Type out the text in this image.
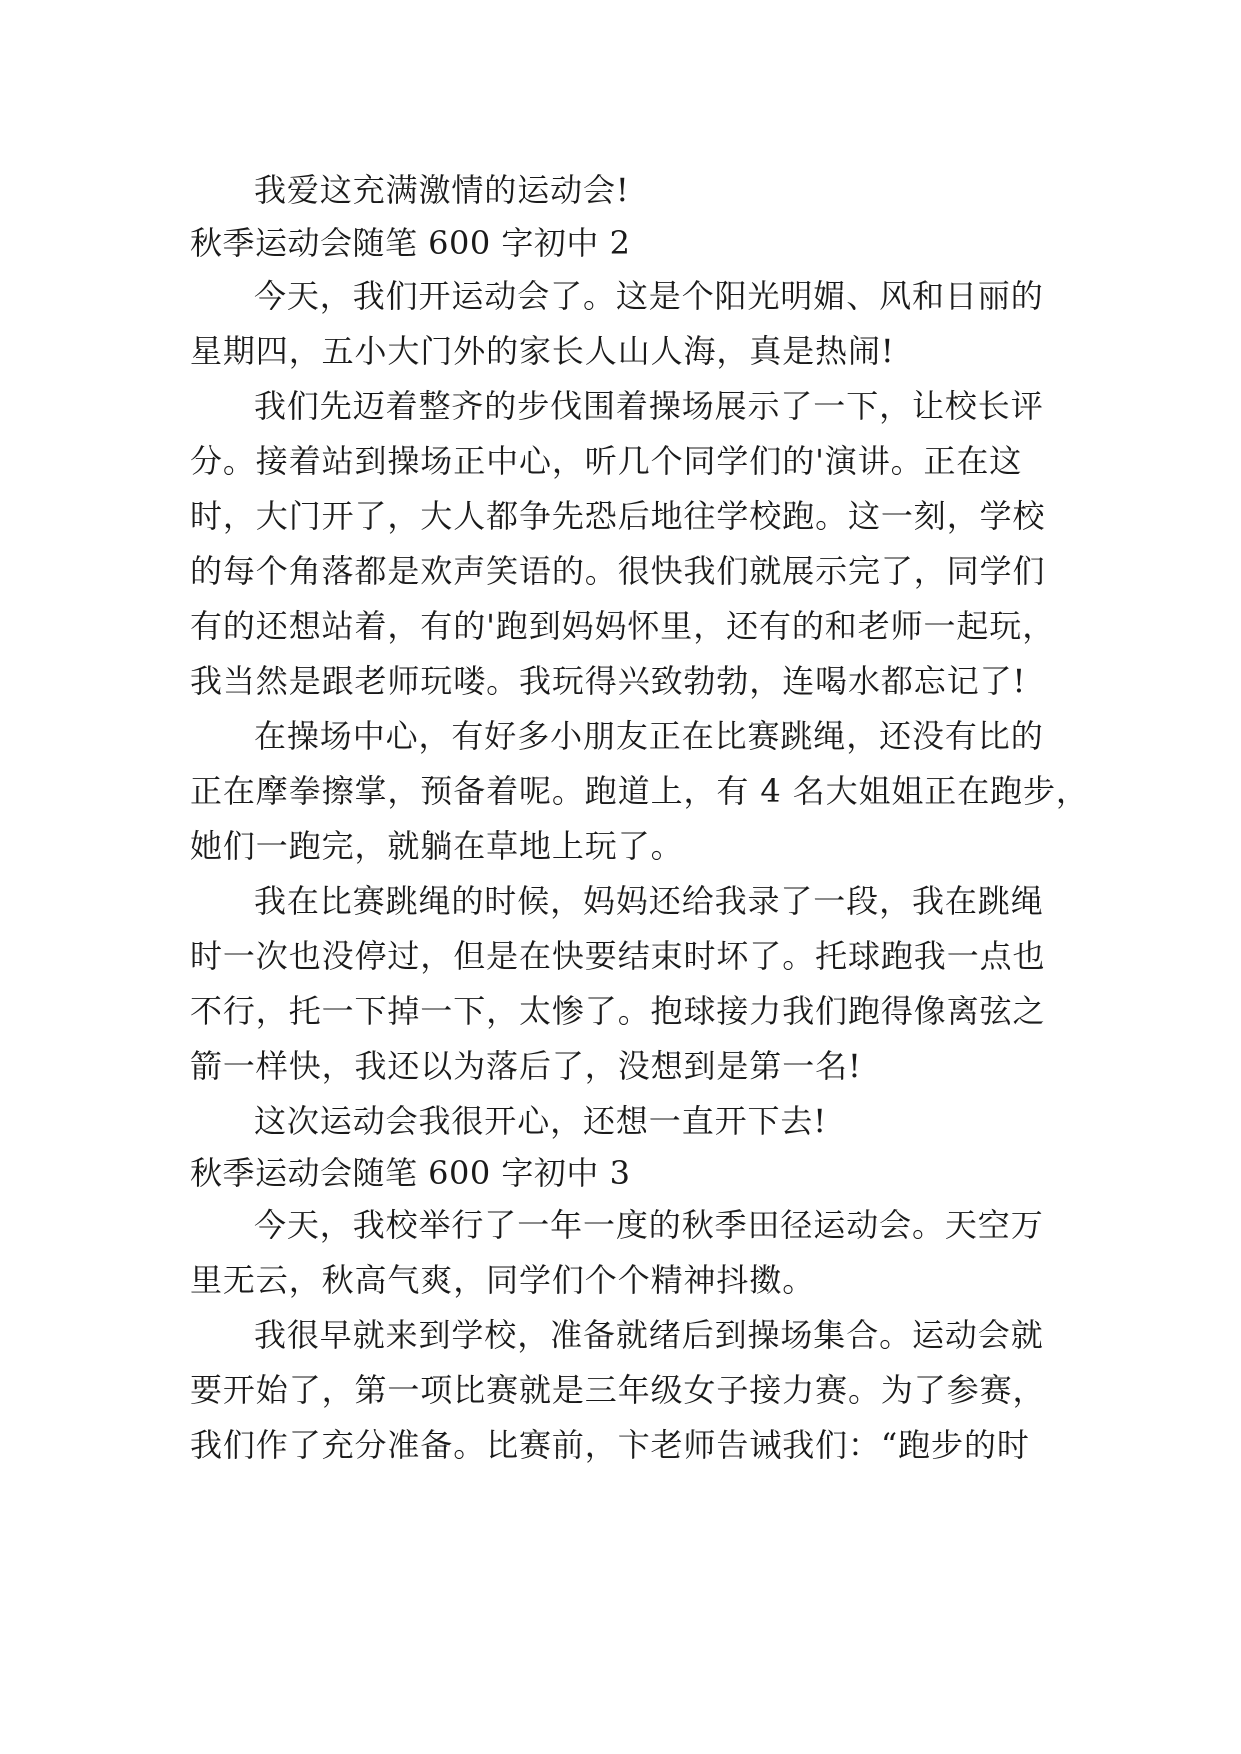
我爱这充满激情的运动会!
秋季运动会随笔 600 字初中 2
今天，我们开运动会了。这是个阳光明媚、风和日丽的
星期四，五小大门外的家长人山人海，真是热闹!
我们先迈着整齐的步伐围着操场展示了一下，让校长评
分。接着站到操场正中心，听几个同学们的'演讲。正在这
时，大门开了，大人都争先恐后地往学校跑。这一刻，学校
的每个角落都是欢声笑语的。很快我们就展示完了，同学们
有的还想站着，有的'跑到妈妈怀里，还有的和老师一起玩，
我当然是跟老师玩喽。我玩得兴致勃勃，连喝水都忘记了!
在操场中心，有好多小朋友正在比赛跳绳，还没有比的
正在摩拳擦掌，预备着呢。跑道上，有 4 名大姐姐正在跑步，
她们一跑完，就躺在草地上玩了。
我在比赛跳绳的时候，妈妈还给我录了一段，我在跳绳
时一次也没停过，但是在快要结束时坏了。托球跑我一点也
不行，托一下掉一下，太惨了。抱球接力我们跑得像离弦之
箭一样快，我还以为落后了，没想到是第一名!
这次运动会我很开心，还想一直开下去!
秋季运动会随笔 600 字初中 3
今天，我校举行了一年一度的秋季田径运动会。天空万
里无云，秋高气爽，同学们个个精神抖擞。
我很早就来到学校，准备就绪后到操场集合。运动会就
要开始了，第一项比赛就是三年级女子接力赛。为了参赛，
我们作了充分准备。比赛前，卞老师告诫我们：“跑步的时
